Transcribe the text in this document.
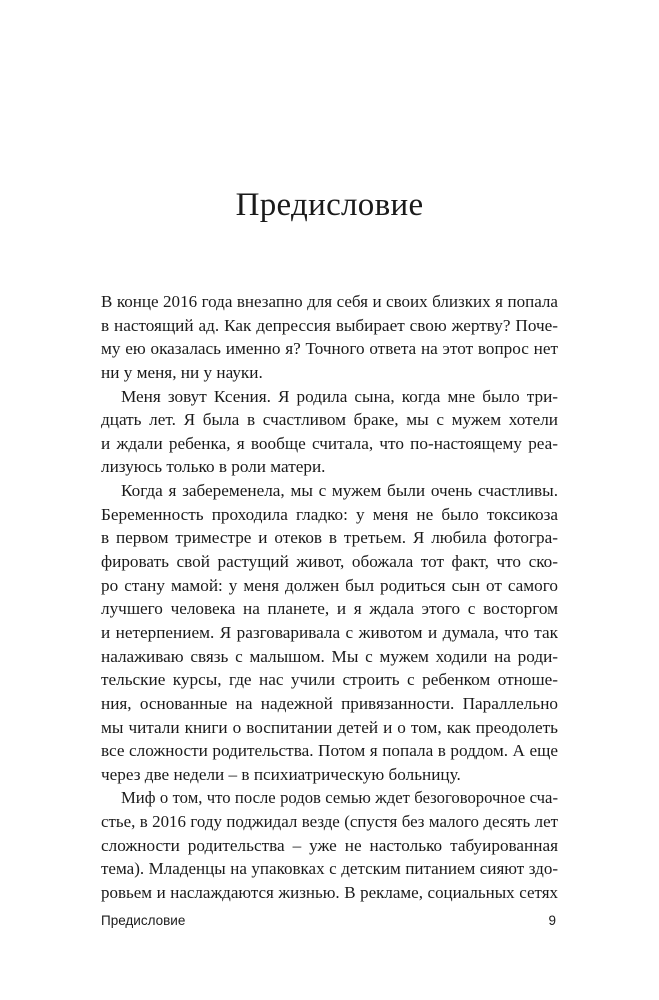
Предисловие
В конце 2016 года внезапно для себя и своих близких я попала
в настоящий ад. Как депрессия выбирает свою жертву? Поче-
му ею оказалась именно я? Точного ответа на этот вопрос нет
ни у меня, ни у науки.
Меня зовут Ксения. Я родила сына, когда мне было три-
дцать лет. Я была в счастливом браке, мы с мужем хотели
и ждали ребенка, я вообще считала, что по-настоящему реа-
лизуюсь только в роли матери.
Когда я забеременела, мы с мужем были очень счастливы.
Беременность проходила гладко: у меня не было токсикоза
в первом триместре и отеков в третьем. Я любила фотогра-
фировать свой растущий живот, обожала тот факт, что ско-
ро стану мамой: у меня должен был родиться сын от самого
лучшего человека на планете, и я ждала этого с восторгом
и нетерпением. Я разговаривала с животом и думала, что так
налаживаю связь с малышом. Мы с мужем ходили на роди-
тельские курсы, где нас учили строить с ребенком отноше-
ния, основанные на надежной привязанности. Параллельно
мы читали книги о воспитании детей и о том, как преодолеть
все сложности родительства. Потом я попала в роддом. А еще
через две недели – в психиатрическую больницу.
Миф о том, что после родов семью ждет безоговорочное сча-
стье, в 2016 году поджидал везде (спустя без малого десять лет
сложности родительства – уже не настолько табуированная
тема). Младенцы на упаковках с детским питанием сияют здо-
ровьем и наслаждаются жизнью. В рекламе, социальных сетях
Предисловие	9
